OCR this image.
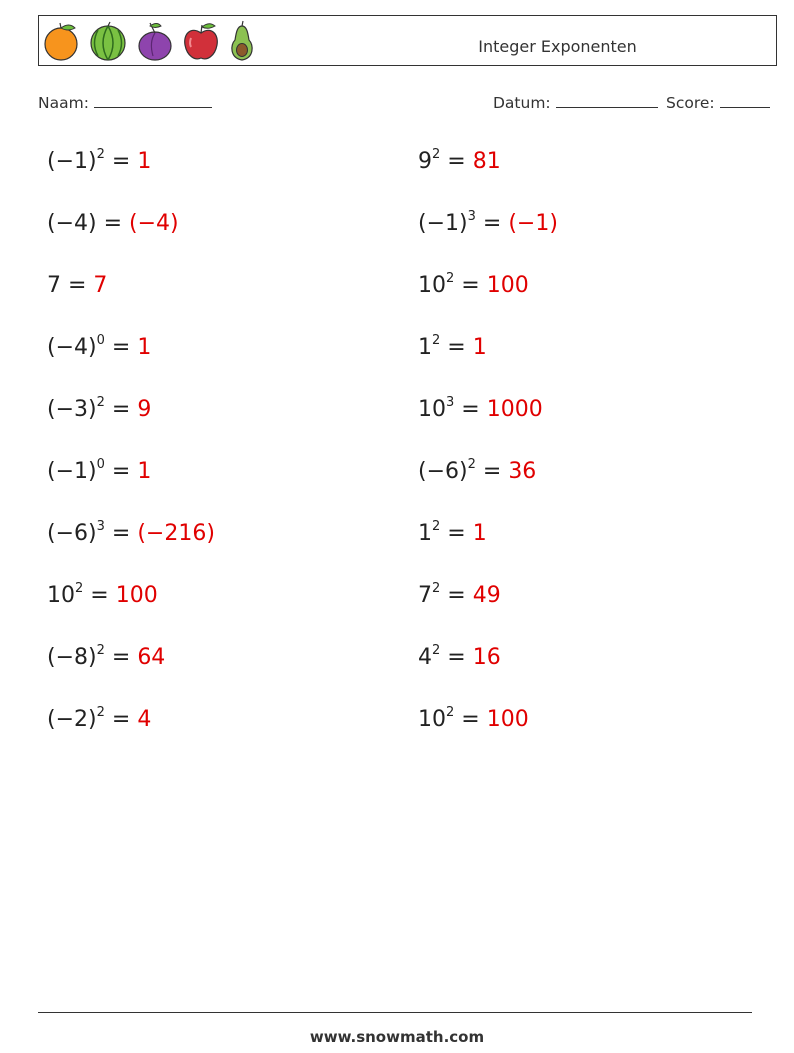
Integer Exponenten
Naam:	Datum:	Score:
$(-1)^2 = 1$
(−4) = (−4)
7 = 7
$(-4)^0 = 1$
$(-3)^2 = 9$
$(-1)^0 = 1$
$(-6)^3 = (-216)$
$10^2 = 100$
$(-8)^2 = 64$
$(-2)^2 = 4$
$9^2 = 81$
$(-1)^3 = (-1)$
$10^2 = 100$
$1^2 = 1$
$10^3 = 1000$
$(-6)^2 = 36$
$1^2 = 1$
$7^2 = 49$
$4^2 = 16$
$10^2 = 100$
www.snowmath.com
